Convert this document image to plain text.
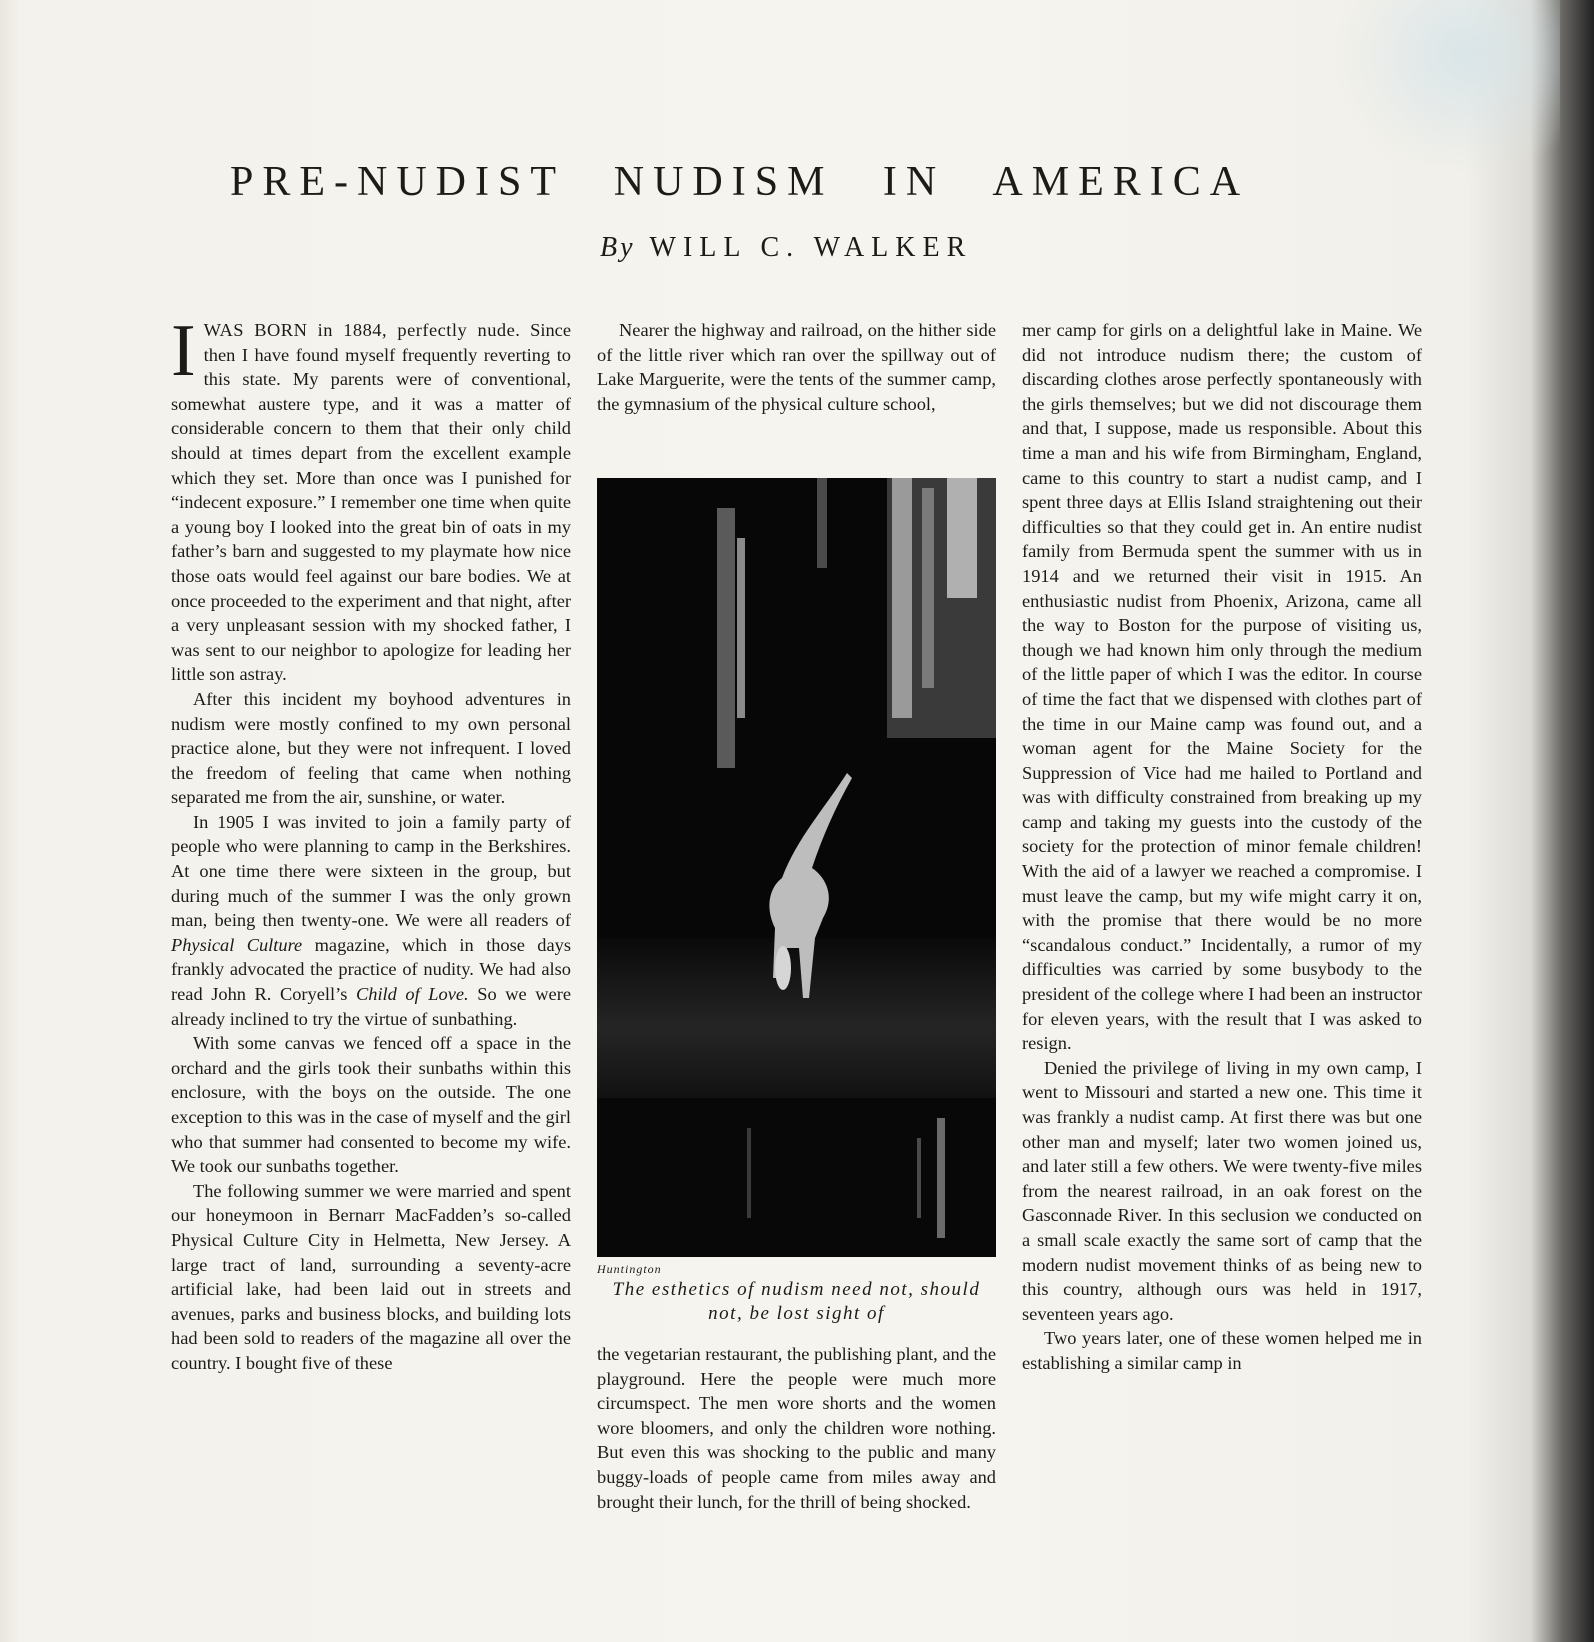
PRE-NUDIST NUDISM IN AMERICA
By WILL C. WALKER

IWAS BORN in 1884, perfectly nude. Since then I have found myself frequently reverting to this state. My parents were of conventional, somewhat austere type, and it was a matter of considerable concern to them that their only child should at times depart from the excellent example which they set. More than once was I punished for “indecent exposure.” I remember one time when quite a young boy I looked into the great bin of oats in my father’s barn and suggested to my playmate how nice those oats would feel against our bare bodies. We at once proceeded to the experiment and that night, after a very unpleasant session with my shocked father, I was sent to our neighbor to apologize for leading her little son astray.

After this incident my boyhood adventures in nudism were mostly confined to my own personal practice alone, but they were not infrequent. I loved the freedom of feeling that came when nothing separated me from the air, sunshine, or water.

In 1905 I was invited to join a family party of people who were planning to camp in the Berkshires. At one time there were sixteen in the group, but during much of the summer I was the only grown man, being then twenty-one. We were all readers of Physical Culture magazine, which in those days frankly advocated the practice of nudity. We had also read John R. Coryell’s Child of Love. So we were already inclined to try the virtue of sunbathing.

With some canvas we fenced off a space in the orchard and the girls took their sunbaths within this enclosure, with the boys on the outside. The one exception to this was in the case of myself and the girl who that summer had consented to become my wife. We took our sunbaths together.

The following summer we were married and spent our honeymoon in Bernarr MacFadden’s so-called Physical Culture City in Helmetta, New Jersey. A large tract of land, surrounding a seventy-acre artificial lake, had been laid out in streets and avenues, parks and business blocks, and building lots had been sold to readers of the magazine all over the country. I bought five of these

Nearer the highway and railroad, on the hither side of the little river which ran over the spillway out of Lake Marguerite, were the tents of the summer camp, the gymnasium of the physical culture school,

Huntington
The esthetics of nudism need not, should not, be lost sight of

the vegetarian restaurant, the publishing plant, and the playground. Here the people were much more circumspect. The men wore shorts and the women wore bloomers, and only the children wore nothing. But even this was shocking to the public and many buggy-loads of people came from miles away and brought their lunch, for the thrill of being shocked.

mer camp for girls on a delightful lake in Maine. We did not introduce nudism there; the custom of discarding clothes arose perfectly spontaneously with the girls themselves; but we did not discourage them and that, I suppose, made us responsible. About this time a man and his wife from Birmingham, England, came to this country to start a nudist camp, and I spent three days at Ellis Island straightening out their difficulties so that they could get in. An entire nudist family from Bermuda spent the summer with us in 1914 and we returned their visit in 1915. An enthusiastic nudist from Phoenix, Arizona, came all the way to Boston for the purpose of visiting us, though we had known him only through the medium of the little paper of which I was the editor. In course of time the fact that we dispensed with clothes part of the time in our Maine camp was found out, and a woman agent for the Maine Society for the Suppression of Vice had me hailed to Portland and was with difficulty constrained from breaking up my camp and taking my guests into the custody of the society for the protection of minor female children! With the aid of a lawyer we reached a compromise. I must leave the camp, but my wife might carry it on, with the promise that there would be no more “scandalous conduct.” Incidentally, a rumor of my difficulties was carried by some busybody to the president of the college where I had been an instructor for eleven years, with the result that I was asked to resign.

Denied the privilege of living in my own camp, I went to Missouri and started a new one. This time it was frankly a nudist camp. At first there was but one other man and myself; later two women joined us, and later still a few others. We were twenty-five miles from the nearest railroad, in an oak forest on the Gasconnade River. In this seclusion we conducted on a small scale exactly the same sort of camp that the modern nudist movement thinks of as being new to this country, although ours was held in 1917, seventeen years ago.

Two years later, one of these women helped me in establishing a similar camp in
